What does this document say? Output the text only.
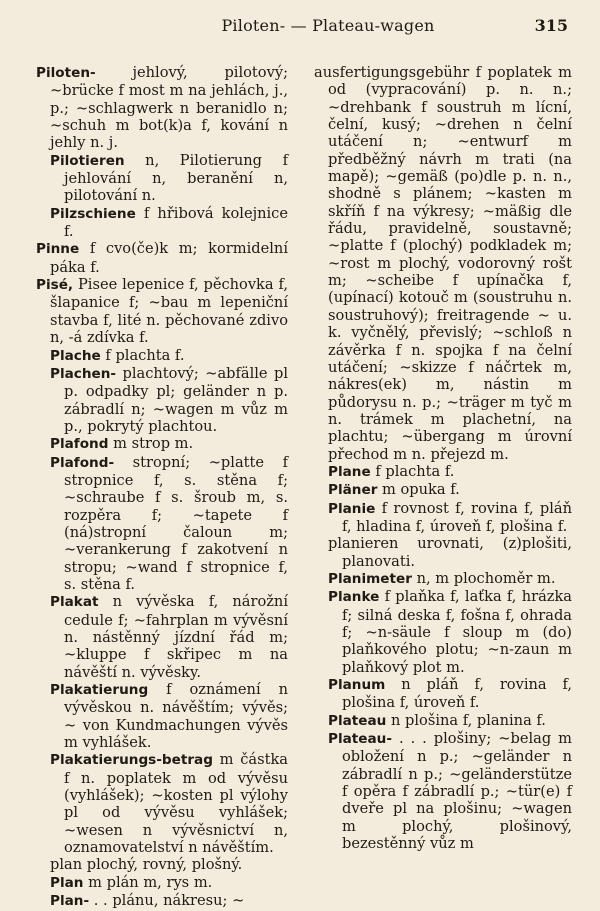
Piloten- — Plateau-wagen	315

Piloten- jehlový, pilotový; ~brücke f most m na jehlách, j., p.; ~schlagwerk n beranidlo n; ~schuh m bot(k)a f, kování n jehly n. j.

Pilotieren n, Pilotierung f jehlování n, beranění n, pilotování n.

Pilzschiene f hřibová kolejnice f.

Pinne f cvo(če)k m; kormidelní páka f.

Pisé, Pisee lepenice f, pěchovka f, šlapanice f; ~bau m lepeniční stavba f, lité n. pěchované zdivo n, -á zdívka f.

Plache f plachta f.

Plachen- plachtový; ~abfälle pl p. odpadky pl; geländer n p. zábradlí n; ~wagen m vůz m p., pokrytý plachtou.

Plafond m strop m.

Plafond- stropní; ~platte f stropnice f, s. stěna f; ~schraube f s. šroub m, s. rozpěra f; ~tapete f (ná)stropní čaloun m; ~verankerung f zakotvení n stropu; ~wand f stropnice f, s. stěna f.

Plakat n vývěska f, nárožní cedule f; ~fahrplan m vývěsní n. nástěnný jízdní řád m; ~kluppe f skřipec m na návěští n. vývěsky.

Plakatierung f oznámení n vývěskou n. návěštím; vývěs; ~ von Kundmachungen vývěs m vyhlášek.

Plakatierungs-betrag m částka f n. poplatek m od vývěsu (vyhlášek); ~kosten pl výlohy pl od vývěsu vyhlášek; ~wesen n vývěsnictví n, oznamovatelství n návěštím.

plan plochý, rovný, plošný.

Plan m plán m, rys m.

Plan- . . plánu, nákresu; ~

ausfertigungsgebühr f poplatek m od (vypracování) p. n. n.; ~drehbank f soustruh m lícní, čelní, kusý; ~drehen n čelní utáčení n; ~entwurf m předběžný návrh m trati (na mapě); ~gemäß (po)dle p. n. n., shodně s plánem; ~kasten m skříň f na výkresy; ~mäßig dle řádu, pravidelně, soustavně; ~platte f (plochý) podkladek m; ~rost m plochý, vodorovný rošt m; ~scheibe f upínačka f, (upínací) kotouč m (soustruhu n. soustruhový); freitragende ~ u. k. vyčnělý, převislý; ~schloß n závěrka f n. spojka f na čelní utáčení; ~skizze f náčrtek m, nákres(ek) m, nástin m půdorysu n. p.; ~träger m tyč m n. trámek m plachetní, na plachtu; ~übergang m úrovní přechod m n. přejezd m.

Plane f plachta f.

Pläner m opuka f.

Planie f rovnost f, rovina f, pláň f, hladina f, úroveň f, plošina f.

planieren urovnati, (z)plošiti, planovati.

Planimeter n, m plochoměr m.

Planke f plaňka f, laťka f, hrázka f; silná deska f, fošna f, ohrada f; ~n-säule f sloup m (do) plaňkového plotu; ~n-zaun m plaňkový plot m.

Planum n pláň f, rovina f, plošina f, úroveň f.

Plateau n plošina f, planina f.

Plateau- . . . plošiny; ~belag m obložení n p.; ~geländer n zábradlí n p.; ~geländerstütze f opěra f zábradlí p.; ~tür(e) f dveře pl na plošinu; ~wagen m plochý, plošinový, bezestěnný vůz m
